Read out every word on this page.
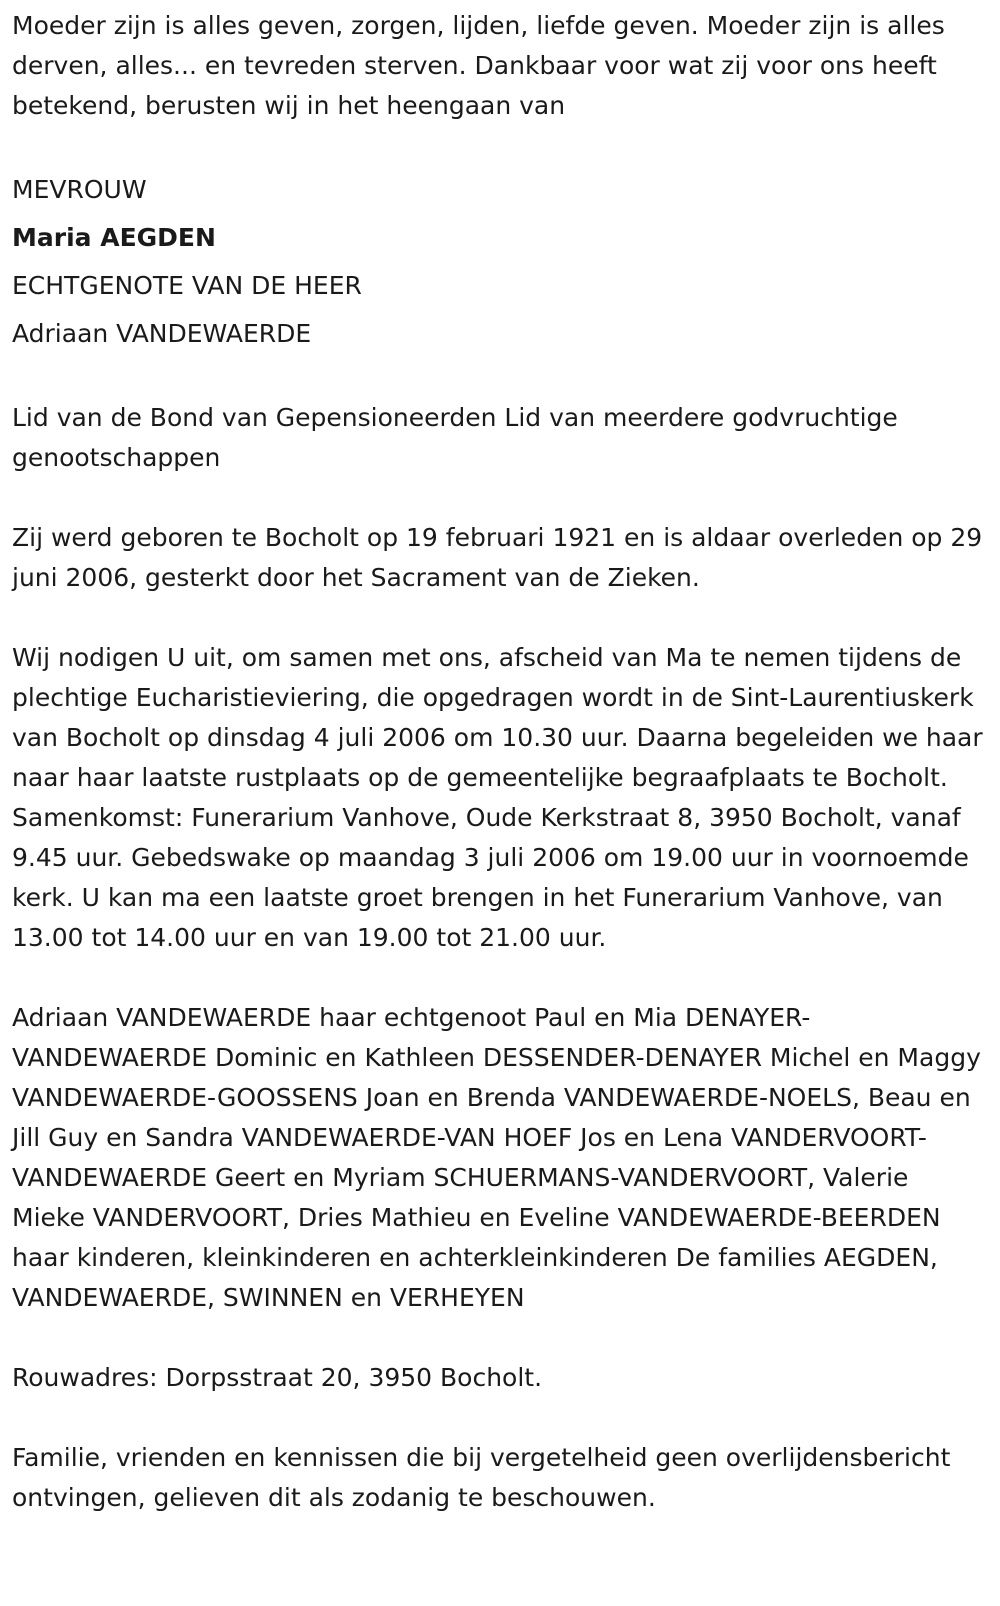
Moeder zijn is alles geven, zorgen, lijden, liefde geven. Moeder zijn is alles derven, alles... en tevreden sterven. Dankbaar voor wat zij voor ons heeft betekend, berusten wij in het heengaan van

MEVROUW
Maria AEGDEN
ECHTGENOTE VAN DE HEER
Adriaan VANDEWAERDE

Lid van de Bond van Gepensioneerden Lid van meerdere godvruchtige genootschappen

Zij werd geboren te Bocholt op 19 februari 1921 en is aldaar overleden op 29 juni 2006, gesterkt door het Sacrament van de Zieken.

Wij nodigen U uit, om samen met ons, afscheid van Ma te nemen tijdens de plechtige Eucharistieviering, die opgedragen wordt in de Sint-Laurentiuskerk van Bocholt op dinsdag 4 juli 2006 om 10.30 uur. Daarna begeleiden we haar naar haar laatste rustplaats op de gemeentelijke begraafplaats te Bocholt. Samenkomst: Funerarium Vanhove, Oude Kerkstraat 8, 3950 Bocholt, vanaf 9.45 uur. Gebedswake op maandag 3 juli 2006 om 19.00 uur in voornoemde kerk. U kan ma een laatste groet brengen in het Funerarium Vanhove, van 13.00 tot 14.00 uur en van 19.00 tot 21.00 uur.

Adriaan VANDEWAERDE haar echtgenoot Paul en Mia DENAYER-VANDEWAERDE Dominic en Kathleen DESSENDER-DENAYER Michel en Maggy VANDEWAERDE-GOOSSENS Joan en Brenda VANDEWAERDE-NOELS, Beau en Jill Guy en Sandra VANDEWAERDE-VAN HOEF Jos en Lena VANDERVOORT-VANDEWAERDE Geert en Myriam SCHUERMANS-VANDERVOORT, Valerie Mieke VANDERVOORT, Dries Mathieu en Eveline VANDEWAERDE-BEERDEN haar kinderen, kleinkinderen en achterkleinkinderen De families AEGDEN, VANDEWAERDE, SWINNEN en VERHEYEN

Rouwadres: Dorpsstraat 20, 3950 Bocholt.

Familie, vrienden en kennissen die bij vergetelheid geen overlijdensbericht ontvingen, gelieven dit als zodanig te beschouwen.
